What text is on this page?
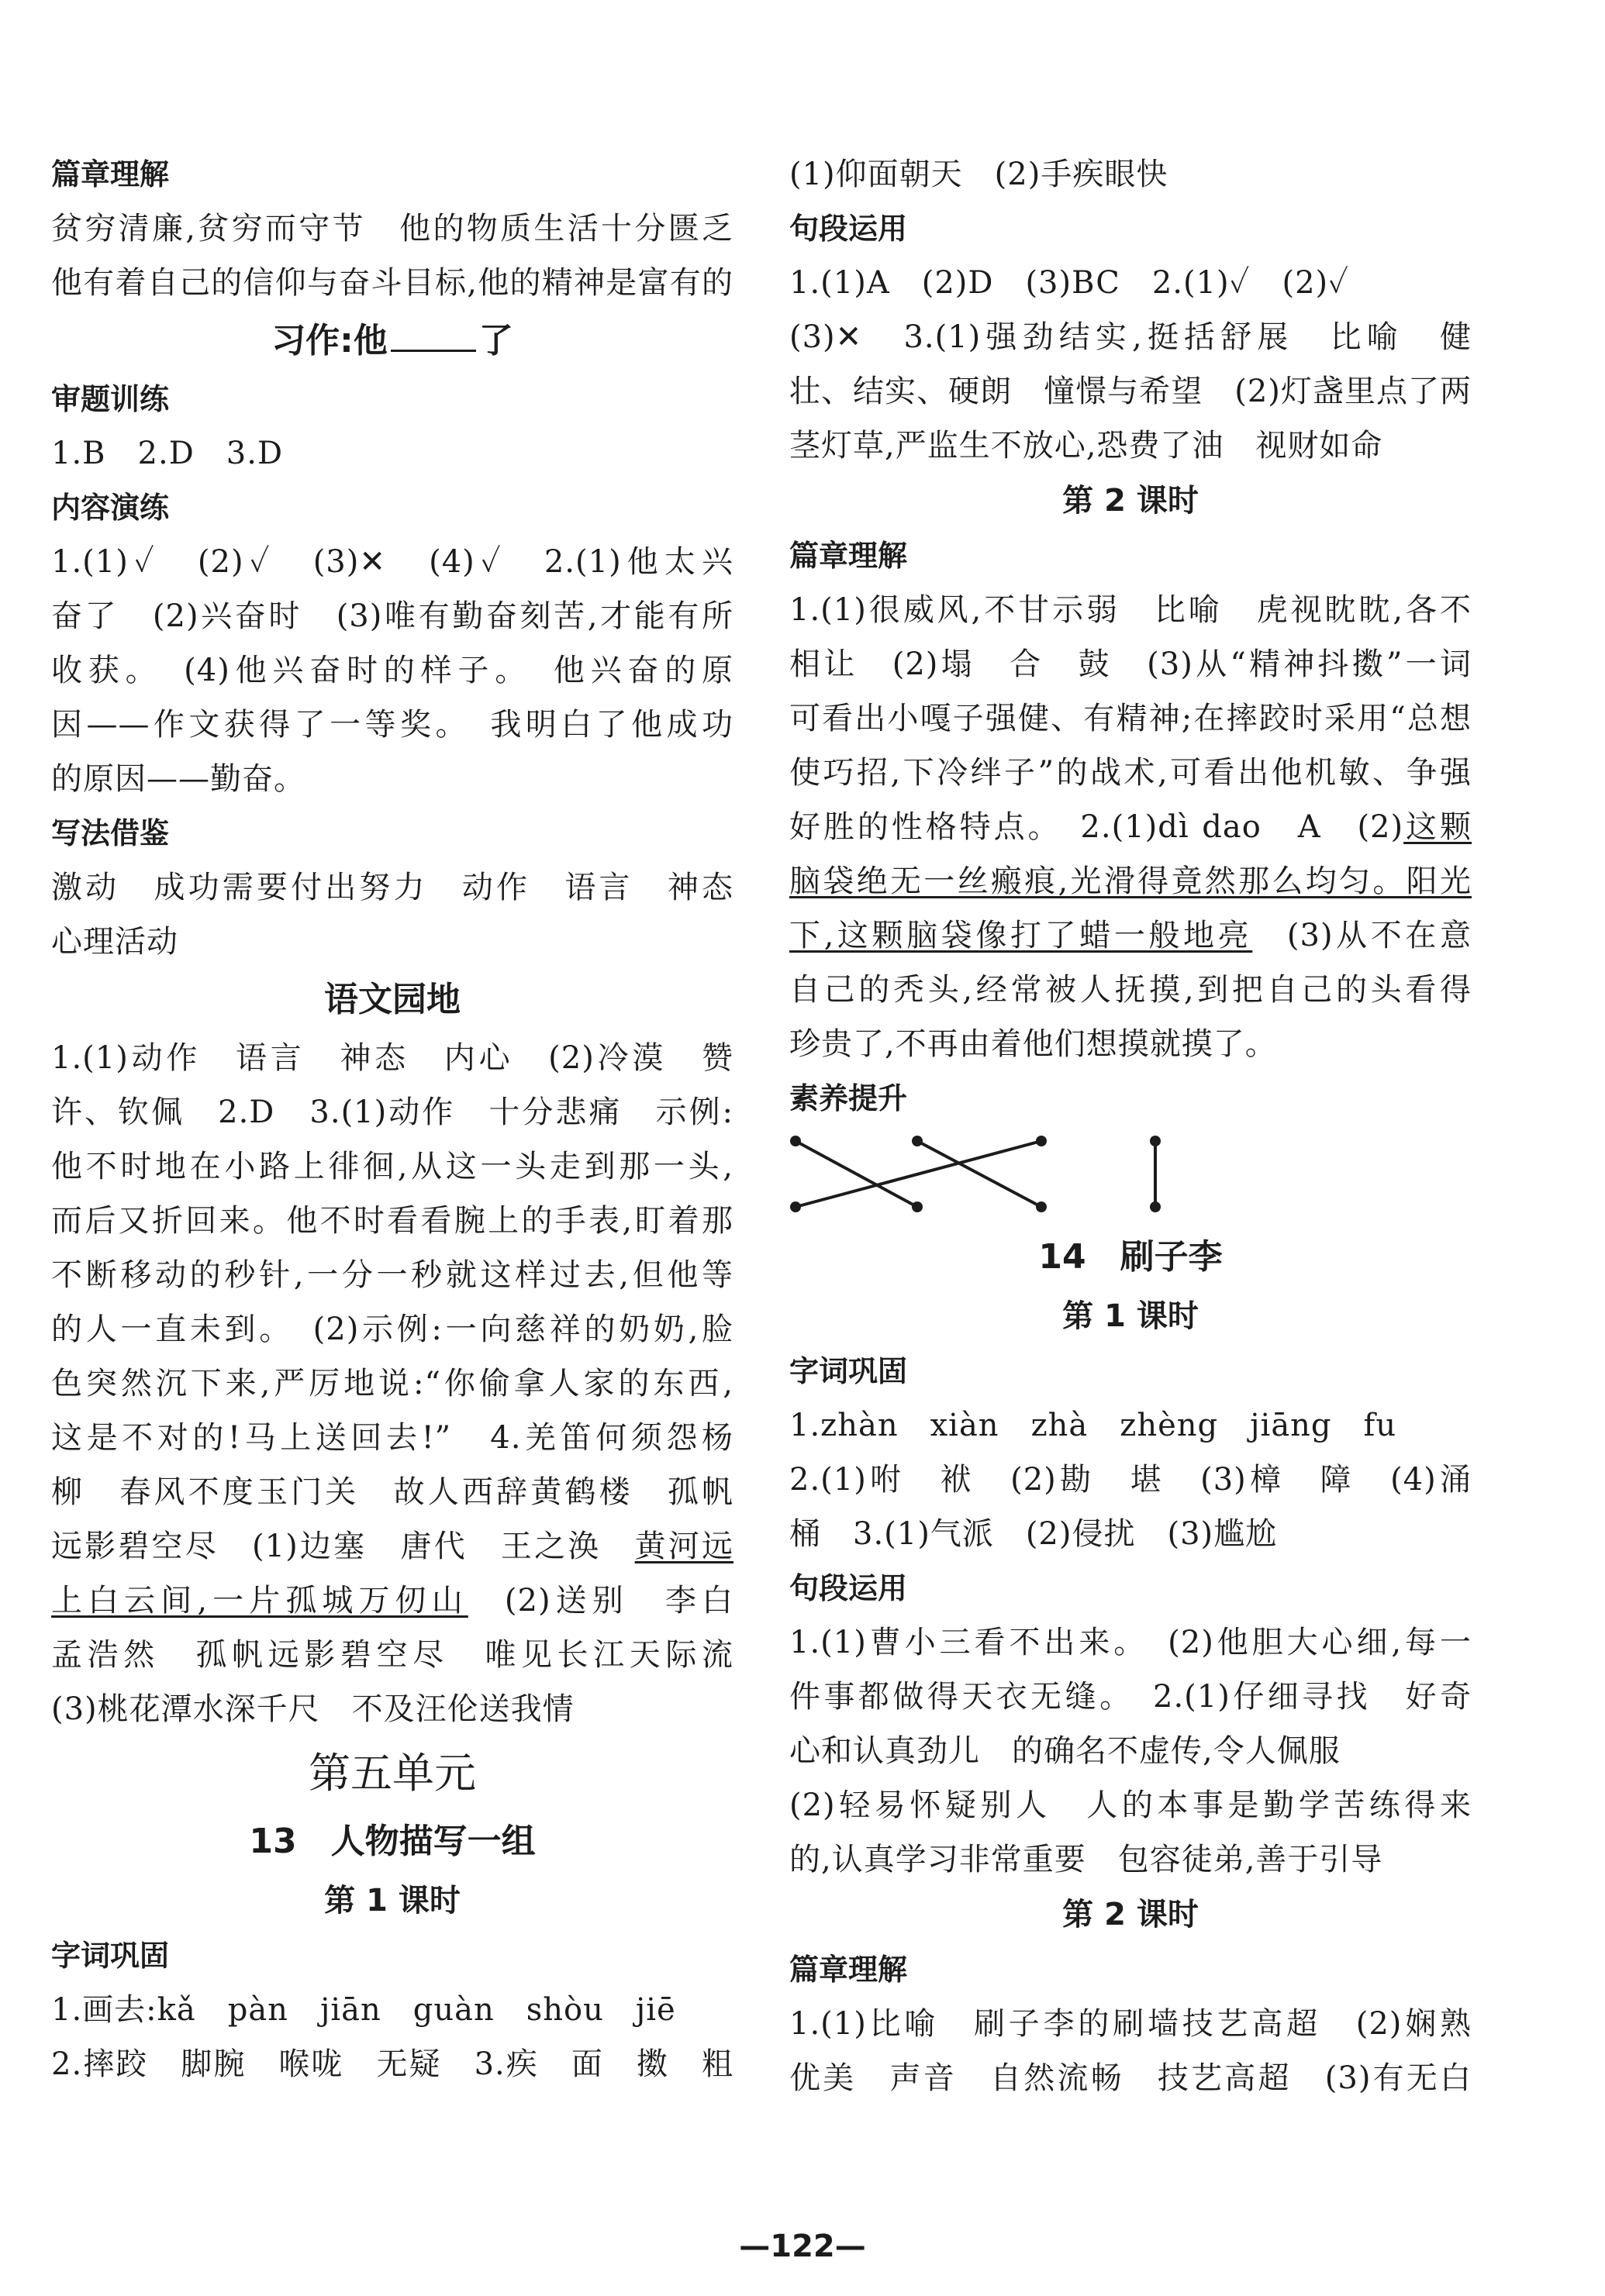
篇章理解
贫穷清廉,贫穷而守节　他的物质生活十分匮乏
他有着自己的信仰与奋斗目标,他的精神是富有的
习作:他	了
审题训练
1.B　2.D　3.D
内容演练
1.(1)✓　(2)✓　(3)✕　(4)✓　2.(1)他太兴
奋了　(2)兴奋时　(3)唯有勤奋刻苦,才能有所
收获。　(4)他兴奋时的样子。　他兴奋的原
因——作文获得了一等奖。　我明白了他成功
的原因——勤奋。
写法借鉴
激动　成功需要付出努力　动作　语言　神态
心理活动
语文园地
1.(1)动作　语言　神态　内心　(2)冷漠　赞
许、钦佩　2.D　3.(1)动作　十分悲痛　示例:
他不时地在小路上徘徊,从这一头走到那一头,
而后又折回来。他不时看看腕上的手表,盯着那
不断移动的秒针,一分一秒就这样过去,但他等
的人一直未到。　(2)示例:一向慈祥的奶奶,脸
色突然沉下来,严厉地说:“你偷拿人家的东西,
这是不对的!马上送回去!”　4.羌笛何须怨杨
柳　春风不度玉门关　故人西辞黄鹤楼　孤帆
远影碧空尽　(1)边塞　唐代　王之涣　黄河远
上白云间,一片孤城万仞山　(2)送别　李白
孟浩然　孤帆远影碧空尽　唯见长江天际流
(3)桃花潭水深千尺　不及汪伦送我情
第五单元
13　人物描写一组
第 1 课时
字词巩固
1.画去:kǎ　pàn　jiān　guàn　shòu　jiē
2.摔跤　脚腕　喉咙　无疑　3.疾　面　擞　粗
(1)仰面朝天　(2)手疾眼快
句段运用
1.(1)A　(2)D　(3)BC　2.(1)✓　(2)✓
(3)✕　3.(1)强劲结实,挺括舒展　比喻　健
壮、结实、硬朗　憧憬与希望　(2)灯盏里点了两
茎灯草,严监生不放心,恐费了油　视财如命
第 2 课时
篇章理解
1.(1)很威风,不甘示弱　比喻　虎视眈眈,各不
相让　(2)塌　合　鼓　(3)从“精神抖擞”一词
可看出小嘎子强健、有精神;在摔跤时采用“总想
使巧招,下冷绊子”的战术,可看出他机敏、争强
好胜的性格特点。　2.(1)dì dao　A　(2)这颗
脑袋绝无一丝瘢痕,光滑得竟然那么均匀。阳光
下,这颗脑袋像打了蜡一般地亮　(3)从不在意
自己的秃头,经常被人抚摸,到把自己的头看得
珍贵了,不再由着他们想摸就摸了。
素养提升
14　刷子李
第 1 课时
字词巩固
1.zhàn　xiàn　zhà　zhèng　jiāng　fu
2.(1)咐　袱　(2)勘　堪　(3)樟　障　(4)涌
桶　3.(1)气派　(2)侵扰　(3)尴尬
句段运用
1.(1)曹小三看不出来。　(2)他胆大心细,每一
件事都做得天衣无缝。　2.(1)仔细寻找　好奇
心和认真劲儿　的确名不虚传,令人佩服
(2)轻易怀疑别人　人的本事是勤学苦练得来
的,认真学习非常重要　包容徒弟,善于引导
第 2 课时
篇章理解
1.(1)比喻　刷子李的刷墙技艺高超　(2)娴熟
优美　声音　自然流畅　技艺高超　(3)有无白
—122—
